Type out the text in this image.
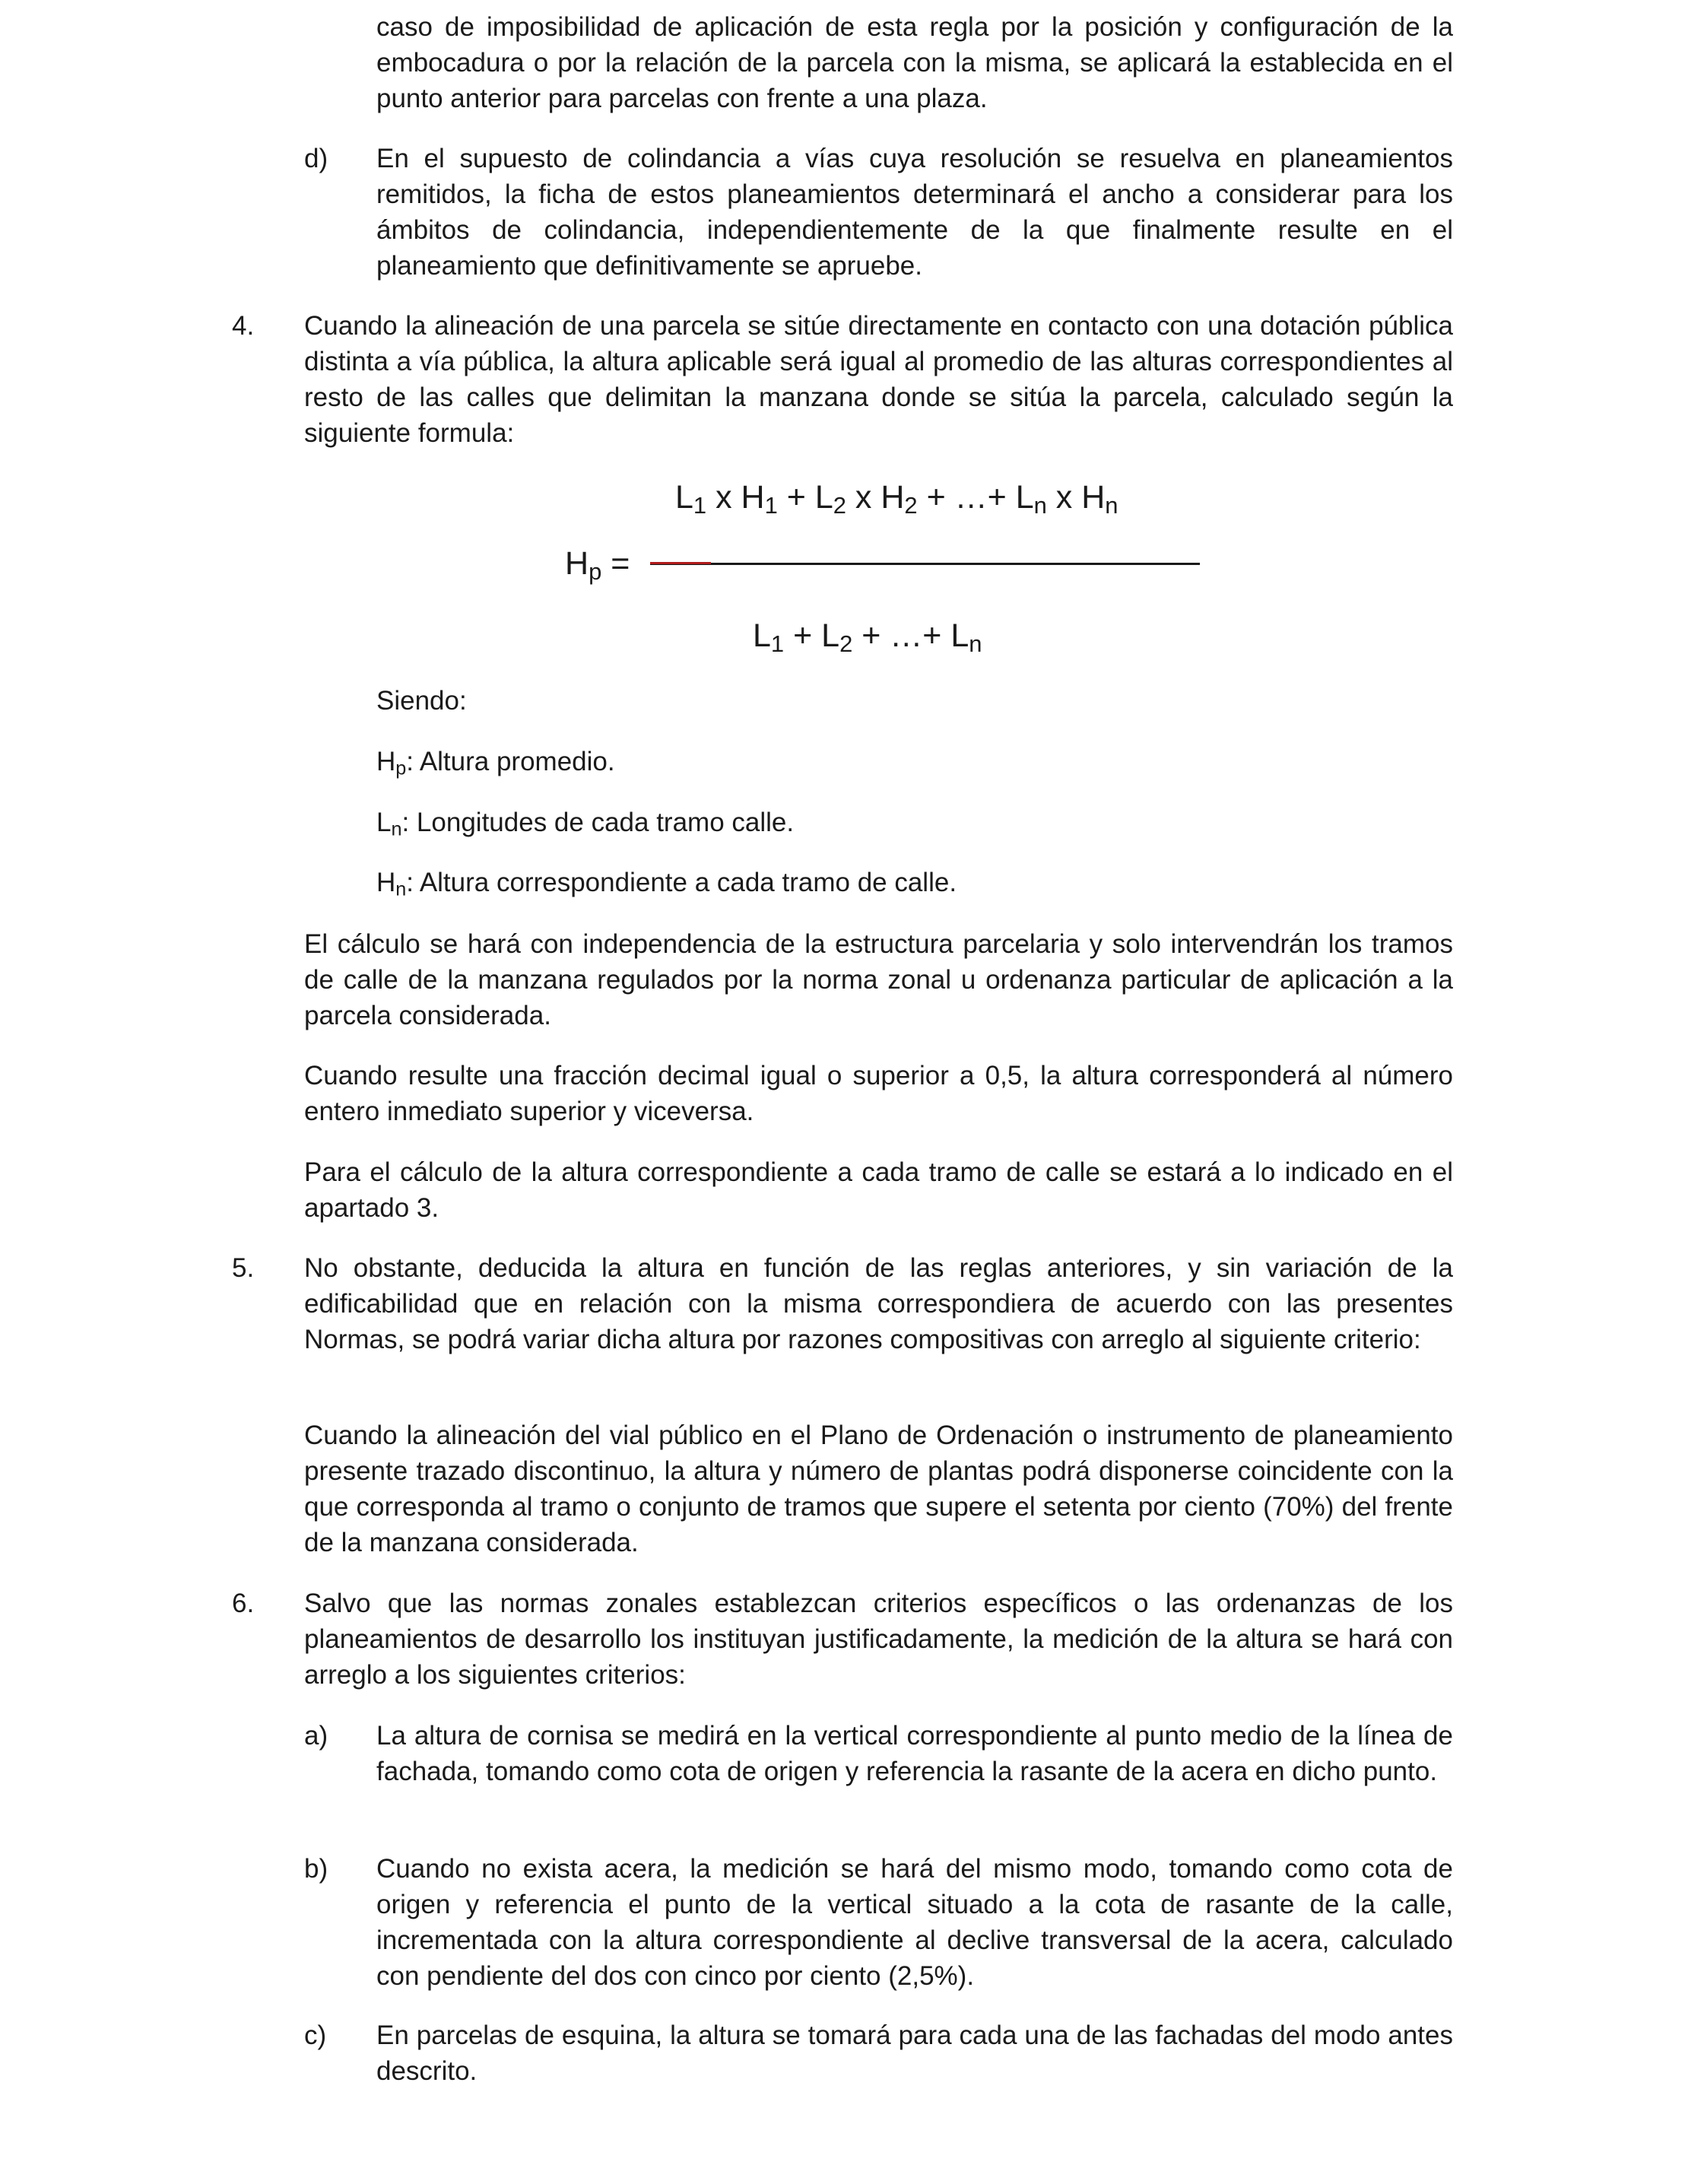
caso de imposibilidad de aplicación de esta regla por la posición y configuración de la embocadura o por la relación de la parcela con la misma, se aplicará la establecida en el punto anterior para parcelas con frente a una plaza.

d) En el supuesto de colindancia a vías cuya resolución se resuelva en planeamientos remitidos, la ficha de estos planeamientos determinará el ancho a considerar para los ámbitos de colindancia, independientemente de la que finalmente resulte en el planeamiento que definitivamente se apruebe.

4. Cuando la alineación de una parcela se sitúe directamente en contacto con una dotación pública distinta a vía pública, la altura aplicable será igual al promedio de las alturas correspondientes al resto de las calles que delimitan la manzana donde se sitúa la parcela, calculado según la siguiente formula:

$L_1$ x $H_1 + L_2$ x $H_2$ + …+ $L_n$ x $H_n$
$H_p$ =
$L_1 + L_2$ + …+ $L_n$

Siendo:

$H_p$: Altura promedio.

$L_n$: Longitudes de cada tramo calle.

$H_n$: Altura correspondiente a cada tramo de calle.

El cálculo se hará con independencia de la estructura parcelaria y solo intervendrán los tramos de calle de la manzana regulados por la norma zonal u ordenanza particular de aplicación a la parcela considerada.

Cuando resulte una fracción decimal igual o superior a 0,5, la altura corresponderá al número entero inmediato superior y viceversa.

Para el cálculo de la altura correspondiente a cada tramo de calle se estará a lo indicado en el apartado 3.

5. No obstante, deducida la altura en función de las reglas anteriores, y sin variación de la edificabilidad que en relación con la misma correspondiera de acuerdo con las presentes Normas, se podrá variar dicha altura por razones compositivas con arreglo al siguiente criterio:

Cuando la alineación del vial público en el Plano de Ordenación o instrumento de planeamiento presente trazado discontinuo, la altura y número de plantas podrá disponerse coincidente con la que corresponda al tramo o conjunto de tramos que supere el setenta por ciento (70%) del frente de la manzana considerada.

6. Salvo que las normas zonales establezcan criterios específicos o las ordenanzas de los planeamientos de desarrollo los instituyan justificadamente, la medición de la altura se hará con arreglo a los siguientes criterios:

a) La altura de cornisa se medirá en la vertical correspondiente al punto medio de la línea de fachada, tomando como cota de origen y referencia la rasante de la acera en dicho punto.

b) Cuando no exista acera, la medición se hará del mismo modo, tomando como cota de origen y referencia el punto de la vertical situado a la cota de rasante de la calle, incrementada con la altura correspondiente al declive transversal de la acera, calculado con pendiente del dos con cinco por ciento (2,5%).

c) En parcelas de esquina, la altura se tomará para cada una de las fachadas del modo antes descrito.
